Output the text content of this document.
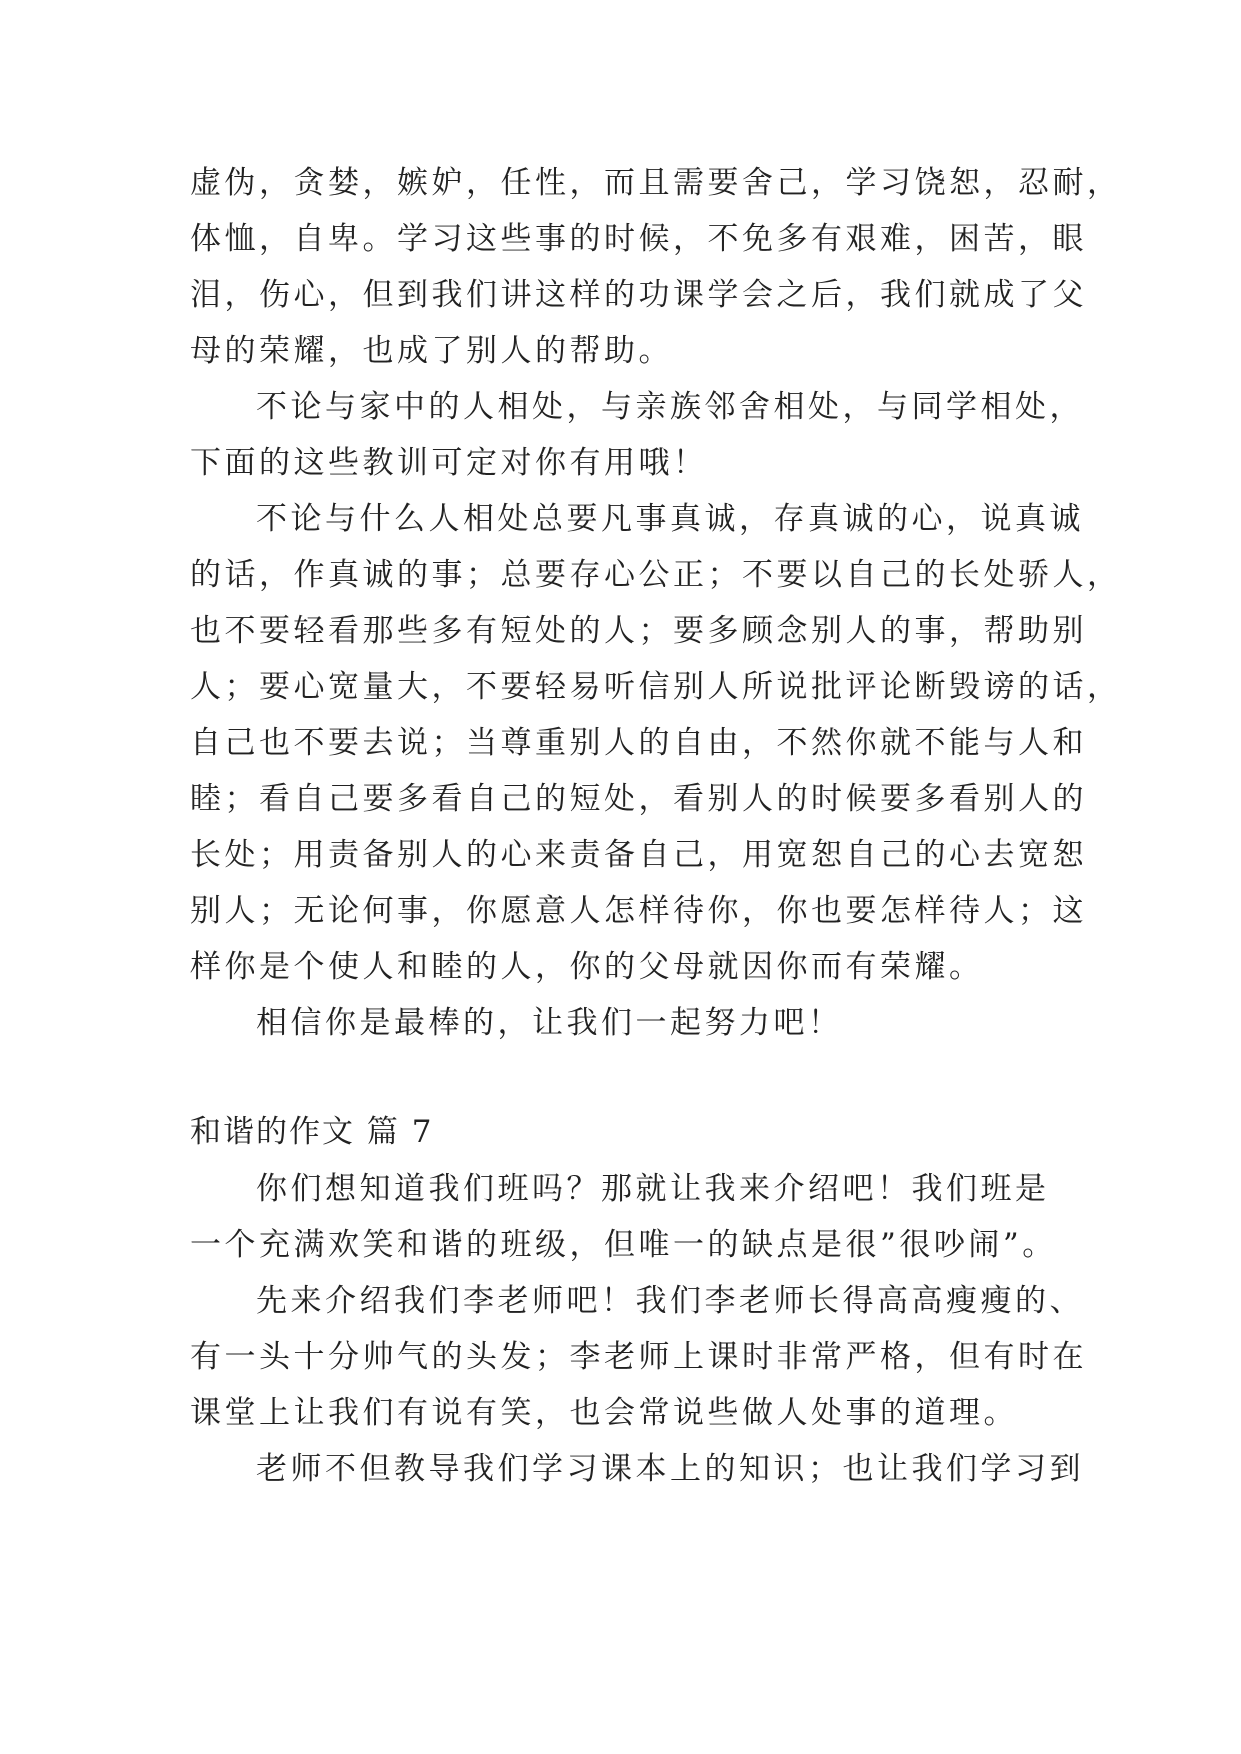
虚伪，贪婪，嫉妒，任性，而且需要舍己，学习饶恕，忍耐，
体恤，自卑。学习这些事的时候，不免多有艰难，困苦，眼
泪，伤心，但到我们讲这样的功课学会之后，我们就成了父
母的荣耀，也成了别人的帮助。
不论与家中的人相处，与亲族邻舍相处，与同学相处，
下面的这些教训可定对你有用哦！
不论与什么人相处总要凡事真诚，存真诚的心，说真诚
的话，作真诚的事；总要存心公正；不要以自己的长处骄人，
也不要轻看那些多有短处的人；要多顾念别人的事，帮助别
人；要心宽量大，不要轻易听信别人所说批评论断毁谤的话，
自己也不要去说；当尊重别人的自由，不然你就不能与人和
睦；看自己要多看自己的短处，看别人的时候要多看别人的
长处；用责备别人的心来责备自己，用宽恕自己的心去宽恕
别人；无论何事，你愿意人怎样待你，你也要怎样待人；这
样你是个使人和睦的人，你的父母就因你而有荣耀。
相信你是最棒的，让我们一起努力吧！
和谐的作文 篇 7
你们想知道我们班吗？那就让我来介绍吧！我们班是
一个充满欢笑和谐的班级，但唯一的缺点是很”很吵闹”。
先来介绍我们李老师吧！我们李老师长得高高瘦瘦的、
有一头十分帅气的头发；李老师上课时非常严格，但有时在
课堂上让我们有说有笑，也会常说些做人处事的道理。
老师不但教导我们学习课本上的知识；也让我们学习到
